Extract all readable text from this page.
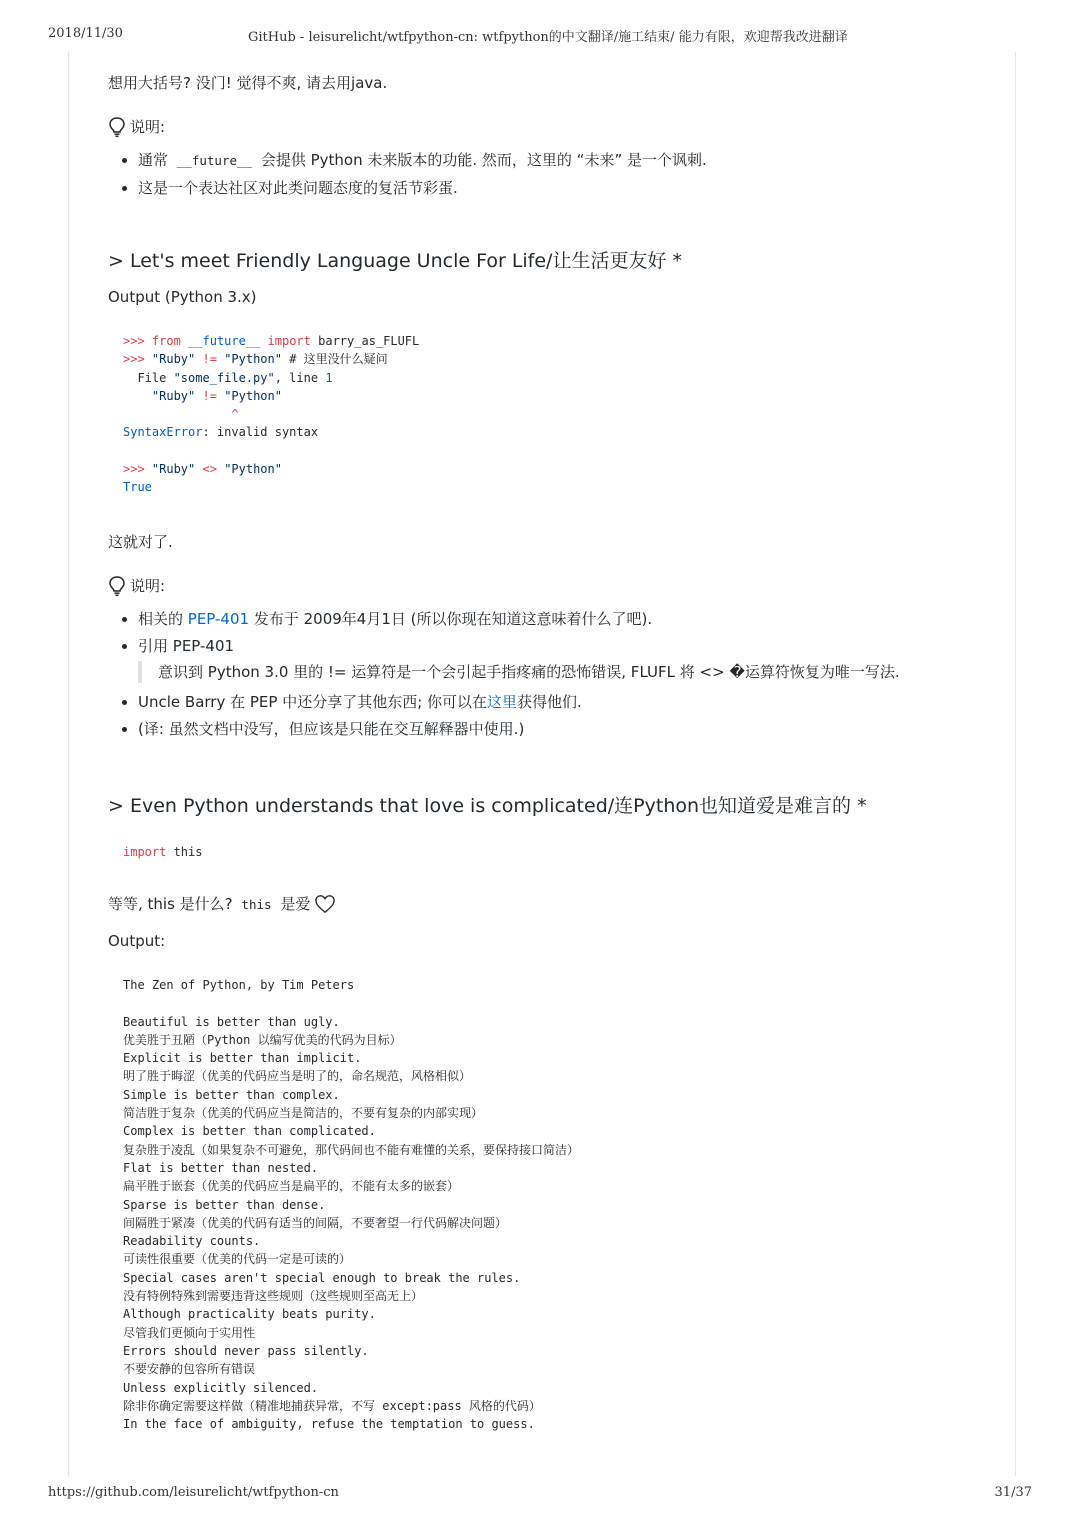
2018/11/30	GitHub - leisurelicht/wtfpython-cn: wtfpython的中文翻译/施工结束/ 能力有限，欢迎帮我改进翻译

想用大括号? 没门! 觉得不爽, 请去用java.

说明:
• 通常 __future__ 会提供 Python 未来版本的功能. 然而，这里的 “未来” 是一个讽刺.
• 这是一个表达社区对此类问题态度的复活节彩蛋.
> Let's meet Friendly Language Uncle For Life/让生活更友好 *

Output (Python 3.x)

>>> from __future__ import barry_as_FLUFL
>>> "Ruby" != "Python" # 这里没什么疑问
File "some_file.py", line 1
"Ruby" != "Python"
^
SyntaxError: invalid syntax

>>> "Ruby" <> "Python"
True

这就对了.

说明:
• 相关的 PEP-401 发布于 2009年4月1日 (所以你现在知道这意味着什么了吧).
• 引用 PEP-401
意识到 Python 3.0 里的 != 运算符是一个会引起手指疼痛的恐怖错误, FLUFL 将 <> �运算符恢复为唯一写法.
• Uncle Barry 在 PEP 中还分享了其他东西; 你可以在这里获得他们.
• (译: 虽然文档中没写，但应该是只能在交互解释器中使用.)
> Even Python understands that love is complicated/连Python也知道爱是难言的 *
import this

等等, this 是什么? this 是爱

Output:

The Zen of Python, by Tim Peters

Beautiful is better than ugly.
优美胜于丑陋（Python 以编写优美的代码为目标）
Explicit is better than implicit.
明了胜于晦涩（优美的代码应当是明了的，命名规范，风格相似）
Simple is better than complex.
简洁胜于复杂（优美的代码应当是简洁的，不要有复杂的内部实现）
Complex is better than complicated.
复杂胜于凌乱（如果复杂不可避免，那代码间也不能有难懂的关系，要保持接口简洁）
Flat is better than nested.
扁平胜于嵌套（优美的代码应当是扁平的，不能有太多的嵌套）
Sparse is better than dense.
间隔胜于紧凑（优美的代码有适当的间隔，不要奢望一行代码解决问题）
Readability counts.
可读性很重要（优美的代码一定是可读的）
Special cases aren't special enough to break the rules.
没有特例特殊到需要违背这些规则（这些规则至高无上）
Although practicality beats purity.
尽管我们更倾向于实用性
Errors should never pass silently.
不要安静的包容所有错误
Unless explicitly silenced.
除非你确定需要这样做（精准地捕获异常，不写 except:pass 风格的代码）
In the face of ambiguity, refuse the temptation to guess.
https://github.com/leisurelicht/wtfpython-cn	31/37
